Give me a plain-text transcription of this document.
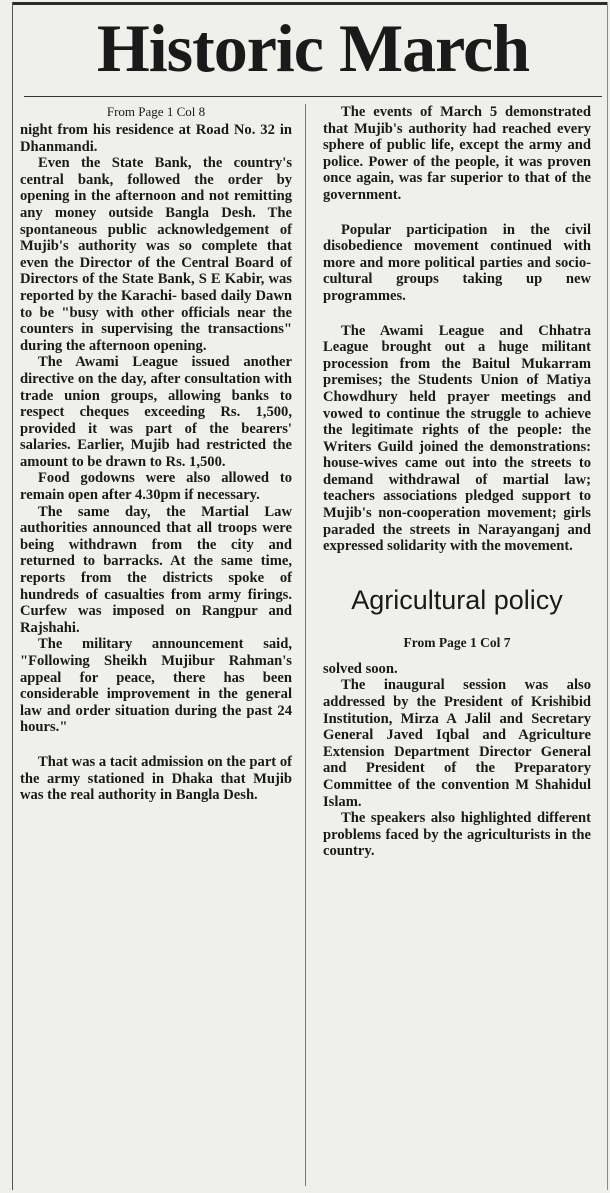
Historic March
From Page 1 Col 8

night from his residence at Road No. 32 in Dhanmandi.

Even the State Bank, the country's central bank, followed the order by opening in the afternoon and not remitting any money outside Bangla Desh. The spontaneous public acknowledgement of Mujib's authority was so complete that even the Director of the Central Board of Directors of the State Bank, S E Kabir, was reported by the Karachi- based daily Dawn to be "busy with other officials near the counters in supervising the transactions" during the afternoon opening.

The Awami League issued another directive on the day, after consultation with trade union groups, allowing banks to respect cheques exceeding Rs. 1,500, provided it was part of the bearers' salaries. Earlier, Mujib had restricted the amount to be drawn to Rs. 1,500.

Food godowns were also allowed to remain open after 4.30pm if necessary.

The same day, the Martial Law authorities announced that all troops were being withdrawn from the city and returned to barracks. At the same time, reports from the districts spoke of hundreds of casualties from army firings. Curfew was imposed on Rangpur and Rajshahi.

The military announcement said, "Following Sheikh Mujibur Rahman's appeal for peace, there has been considerable improvement in the general law and order situation during the past 24 hours."

That was a tacit admission on the part of the army stationed in Dhaka that Mujib was the real authority in Bangla Desh.

The events of March 5 demonstrated that Mujib's authority had reached every sphere of public life, except the army and police. Power of the people, it was proven once again, was far superior to that of the government.

Popular participation in the civil disobedience movement continued with more and more political parties and socio-cultural groups taking up new programmes.

The Awami League and Chhatra League brought out a huge militant procession from the Baitul Mukarram premises; the Students Union of Matiya Chowdhury held prayer meetings and vowed to continue the struggle to achieve the legitimate rights of the people: the Writers Guild joined the demonstrations: house-wives came out into the streets to demand withdrawal of martial law; teachers associations pledged support to Mujib's non-cooperation movement; girls paraded the streets in Narayanganj and expressed solidarity with the movement.

Agricultural policy
From Page 1 Col 7

solved soon.

The inaugural session was also addressed by the President of Krishibid Institution, Mirza A Jalil and Secretary General Javed Iqbal and Agriculture Extension Department Director General and President of the Preparatory Committee of the convention M Shahidul Islam.

The speakers also highlighted different problems faced by the agriculturists in the country.
